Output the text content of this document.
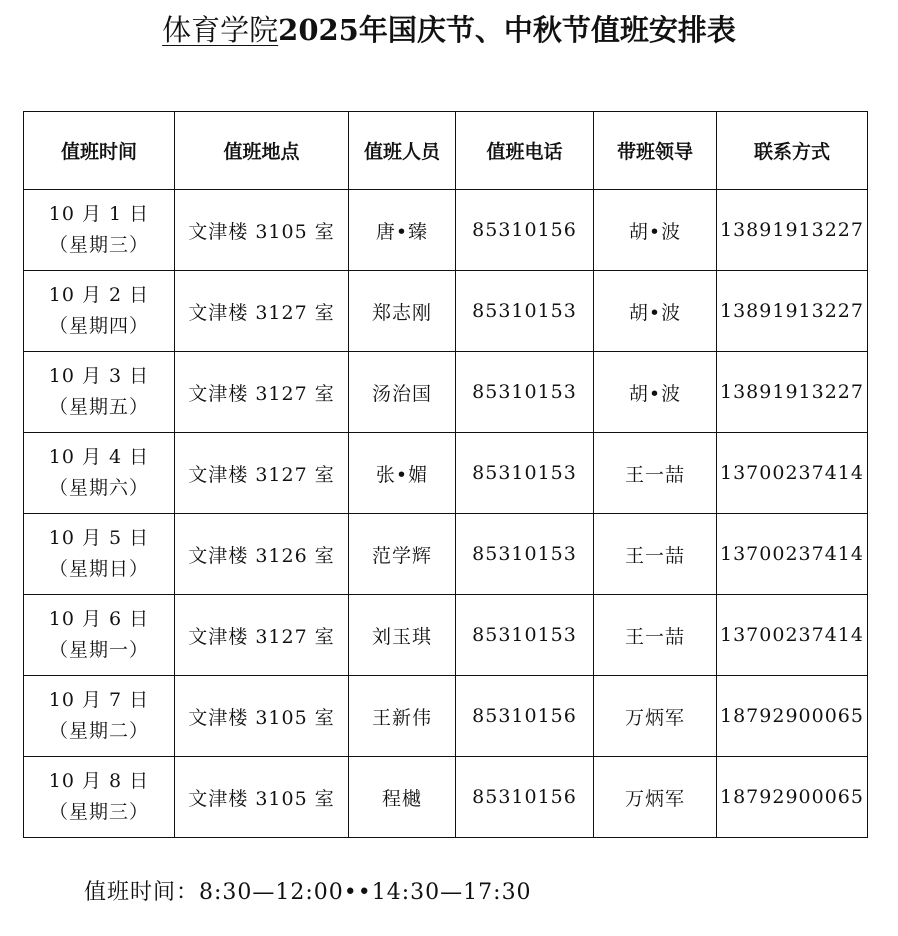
体育学院2025年国庆节、中秋节值班安排表
值班时间	值班地点	值班人员	值班电话	带班领导	联系方式

10 月 1 日
（星期三）	文津楼 3105 室	唐•臻	85310156	胡•波	13891913227

10 月 2 日
（星期四）	文津楼 3127 室	郑志刚	85310153	胡•波	13891913227

10 月 3 日
（星期五）	文津楼 3127 室	汤治国	85310153	胡•波	13891913227

10 月 4 日
（星期六）	文津楼 3127 室	张•媚	85310153	王一喆	13700237414

10 月 5 日
（星期日）	文津楼 3126 室	范学辉	85310153	王一喆	13700237414

10 月 6 日
（星期一）	文津楼 3127 室	刘玉琪	85310153	王一喆	13700237414

10 月 7 日
（星期二）	文津楼 3105 室	王新伟	85310156	万炳军	18792900065

10 月 8 日
（星期三）	文津楼 3105 室	程樾	85310156	万炳军	18792900065
值班时间：8:30—12:00••14:30—17:30
